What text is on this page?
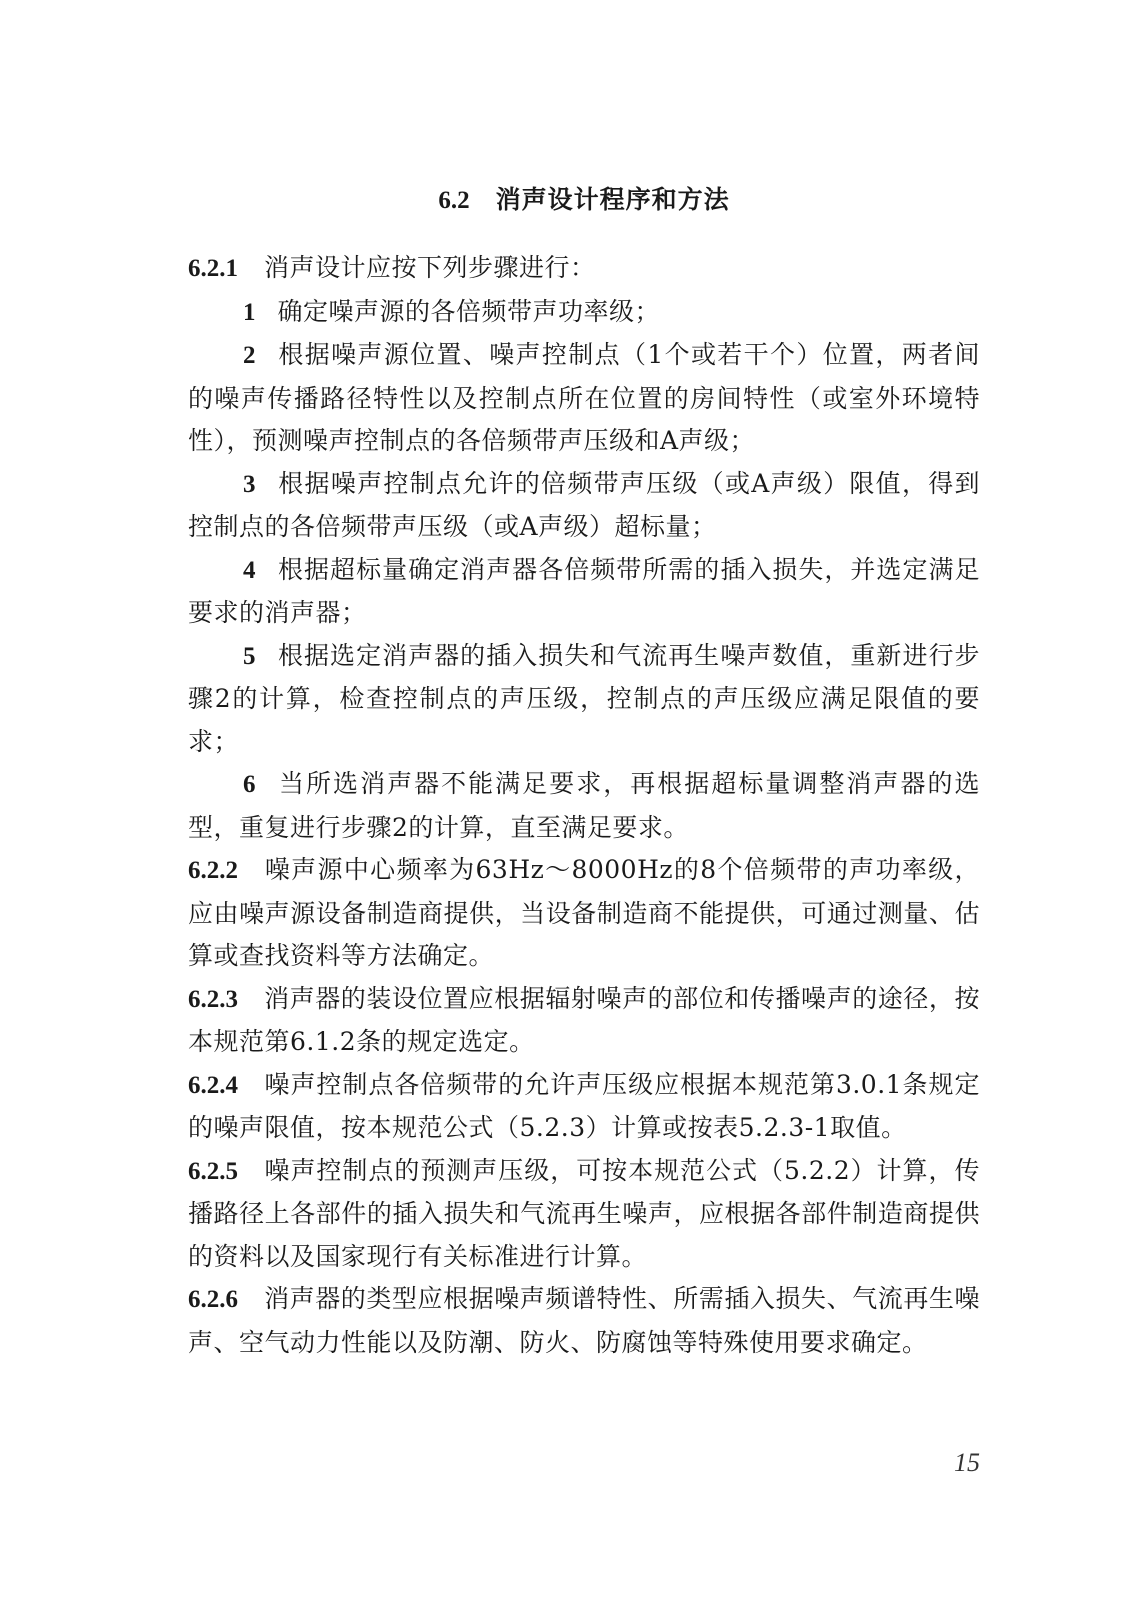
6.2 消声设计程序和方法

6.2.1 消声设计应按下列步骤进行：

1 确定噪声源的各倍频带声功率级；

2 根据噪声源位置、噪声控制点（1个或若干个）位置，两者间的噪声传播路径特性以及控制点所在位置的房间特性（或室外环境特性），预测噪声控制点的各倍频带声压级和A声级；

3 根据噪声控制点允许的倍频带声压级（或A声级）限值，得到控制点的各倍频带声压级（或A声级）超标量；

4 根据超标量确定消声器各倍频带所需的插入损失，并选定满足要求的消声器；

5 根据选定消声器的插入损失和气流再生噪声数值，重新进行步骤2的计算，检查控制点的声压级，控制点的声压级应满足限值的要求；

6 当所选消声器不能满足要求，再根据超标量调整消声器的选型，重复进行步骤2的计算，直至满足要求。

6.2.2 噪声源中心频率为63Hz～8000Hz的8个倍频带的声功率级，应由噪声源设备制造商提供，当设备制造商不能提供，可通过测量、估算或查找资料等方法确定。

6.2.3 消声器的装设位置应根据辐射噪声的部位和传播噪声的途径，按本规范第6.1.2条的规定选定。

6.2.4 噪声控制点各倍频带的允许声压级应根据本规范第3.0.1条规定的噪声限值，按本规范公式（5.2.3）计算或按表5.2.3-1取值。

6.2.5 噪声控制点的预测声压级，可按本规范公式（5.2.2）计算，传播路径上各部件的插入损失和气流再生噪声，应根据各部件制造商提供的资料以及国家现行有关标准进行计算。

6.2.6 消声器的类型应根据噪声频谱特性、所需插入损失、气流再生噪声、空气动力性能以及防潮、防火、防腐蚀等特殊使用要求确定。

15
